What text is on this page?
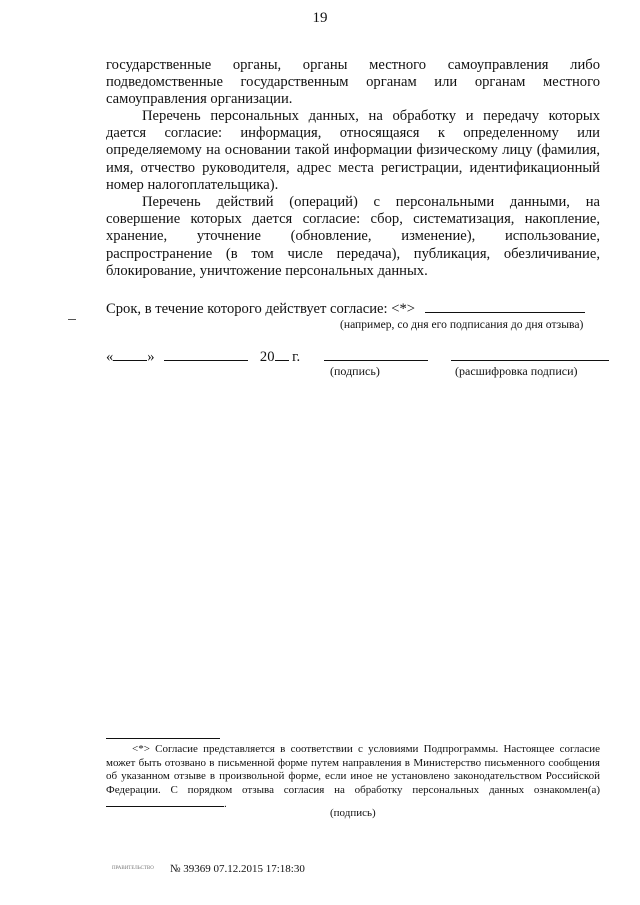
19

государственные органы, органы местного самоуправления либо подведомственные государственным органам или органам местного самоуправления организации.

Перечень персональных данных, на обработку и передачу которых дается согласие: информация, относящаяся к определенному или определяемому на основании такой информации физическому лицу (фамилия, имя, отчество руководителя, адрес места регистрации, идентификационный номер налогоплательщика).

Перечень действий (операций) с персональными данными, на совершение которых дается согласие: сбор, систематизация, накопление, хранение, уточнение (обновление, изменение), использование, распространение (в том числе передача), публикация, обезличивание, блокирование, уничтожение персональных данных.

Срок, в течение которого действует согласие: <*>
(например, со дня его подписания до дня отзыва)
« »	20 г.
(подпись)	(расшифровка подписи)
<*> Согласие представляется в соответствии с условиями Подпрограммы. Настоящее согласие может быть отозвано в письменной форме путем направления в Министерство письменного сообщения об указанном отзыве в произвольной форме, если иное не установлено законодательством Российской Федерации. С порядком отзыва согласия на обработку персональных данных ознакомлен(а) .
(подпись)
ПРАВИТЕЛЬСТВО № 39369 07.12.2015 17:18:30
